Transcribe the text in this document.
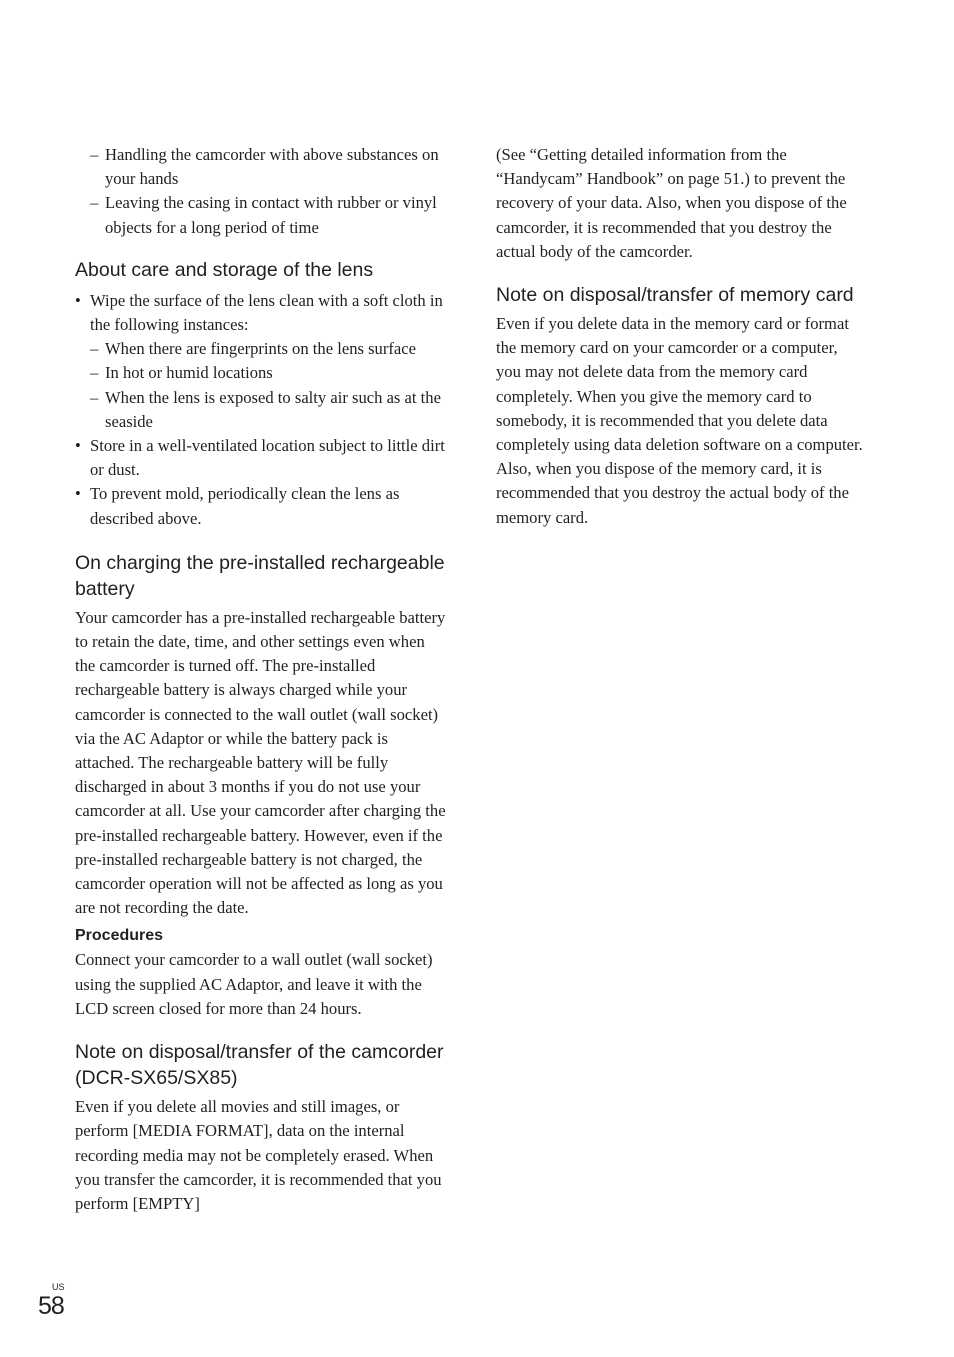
– Handling the camcorder with above substances on your hands
– Leaving the casing in contact with rubber or vinyl objects for a long period of time
About care and storage of the lens
• Wipe the surface of the lens clean with a soft cloth in the following instances:
– When there are fingerprints on the lens surface
– In hot or humid locations
– When the lens is exposed to salty air such as at the seaside
• Store in a well-ventilated location subject to little dirt or dust.
• To prevent mold, periodically clean the lens as described above.
On charging the pre-installed rechargeable battery

Your camcorder has a pre-installed rechargeable battery to retain the date, time, and other settings even when the camcorder is turned off. The pre-installed rechargeable battery is always charged while your camcorder is connected to the wall outlet (wall socket) via the AC Adaptor or while the battery pack is attached. The rechargeable battery will be fully discharged in about 3 months if you do not use your camcorder at all. Use your camcorder after charging the pre-installed rechargeable battery. However, even if the pre-installed rechargeable battery is not charged, the camcorder operation will not be affected as long as you are not recording the date.

Procedures

Connect your camcorder to a wall outlet (wall socket) using the supplied AC Adaptor, and leave it with the LCD screen closed for more than 24 hours.

Note on disposal/transfer of the camcorder (DCR-SX65/SX85)

Even if you delete all movies and still images, or perform [MEDIA FORMAT], data on the internal recording media may not be completely erased. When you transfer the camcorder, it is recommended that you perform [EMPTY]

(See “Getting detailed information from the “Handycam” Handbook” on page 51.) to prevent the recovery of your data. Also, when you dispose of the camcorder, it is recommended that you destroy the actual body of the camcorder.

Note on disposal/transfer of memory card

Even if you delete data in the memory card or format the memory card on your camcorder or a computer, you may not delete data from the memory card completely. When you give the memory card to somebody, it is recommended that you delete data completely using data deletion software on a computer. Also, when you dispose of the memory card, it is recommended that you destroy the actual body of the memory card.

US
58
